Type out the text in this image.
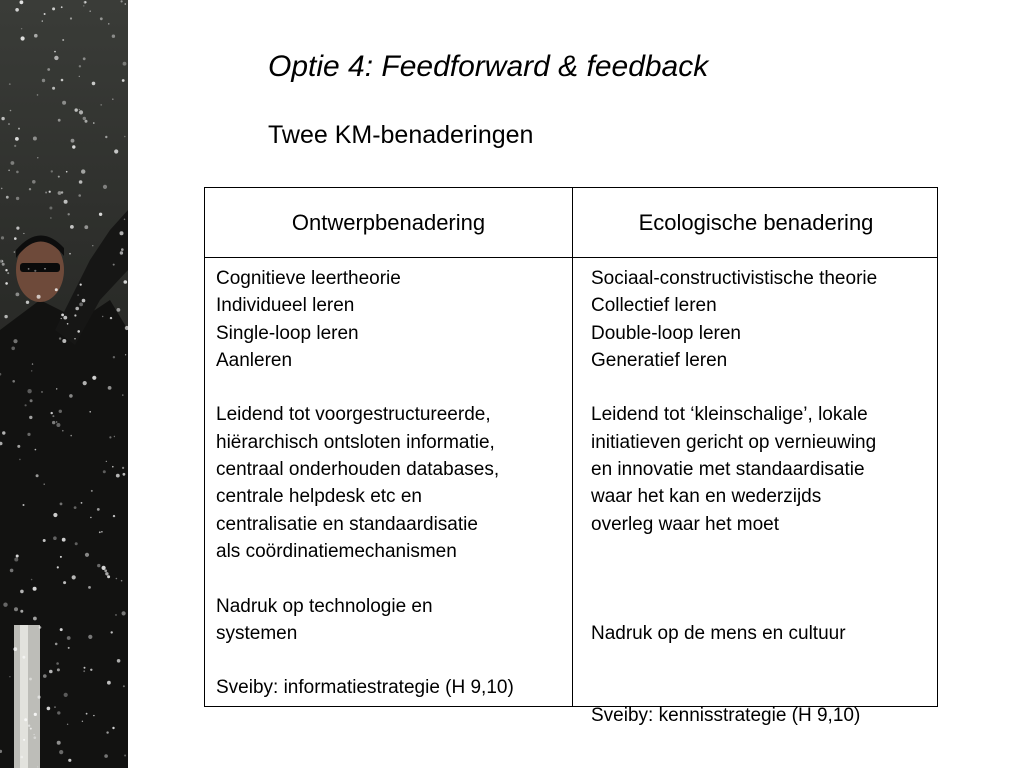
Optie 4: Feedforward & feedback
Twee KM-benaderingen
Ontwerpbenadering	Ecologische benadering
Cognitieve leertheorie
Individueel leren
Single-loop leren
Aanleren
Leidend tot voorgestructureerde,
hiërarchisch ontsloten informatie,
centraal onderhouden databases,
centrale helpdesk etc en
centralisatie en standaardisatie
als coördinatiemechanismen
Nadruk op technologie en
systemen
Sveiby: informatiestrategie (H 9,10)
Sociaal-constructivistische theorie
Collectief leren
Double-loop leren
Generatief leren
Leidend tot ‘kleinschalige’, lokale
initiatieven gericht op vernieuwing
en innovatie met standaardisatie
waar het kan en wederzijds
overleg waar het moet
Nadruk op de mens en cultuur
Sveiby: kennisstrategie (H 9,10)
